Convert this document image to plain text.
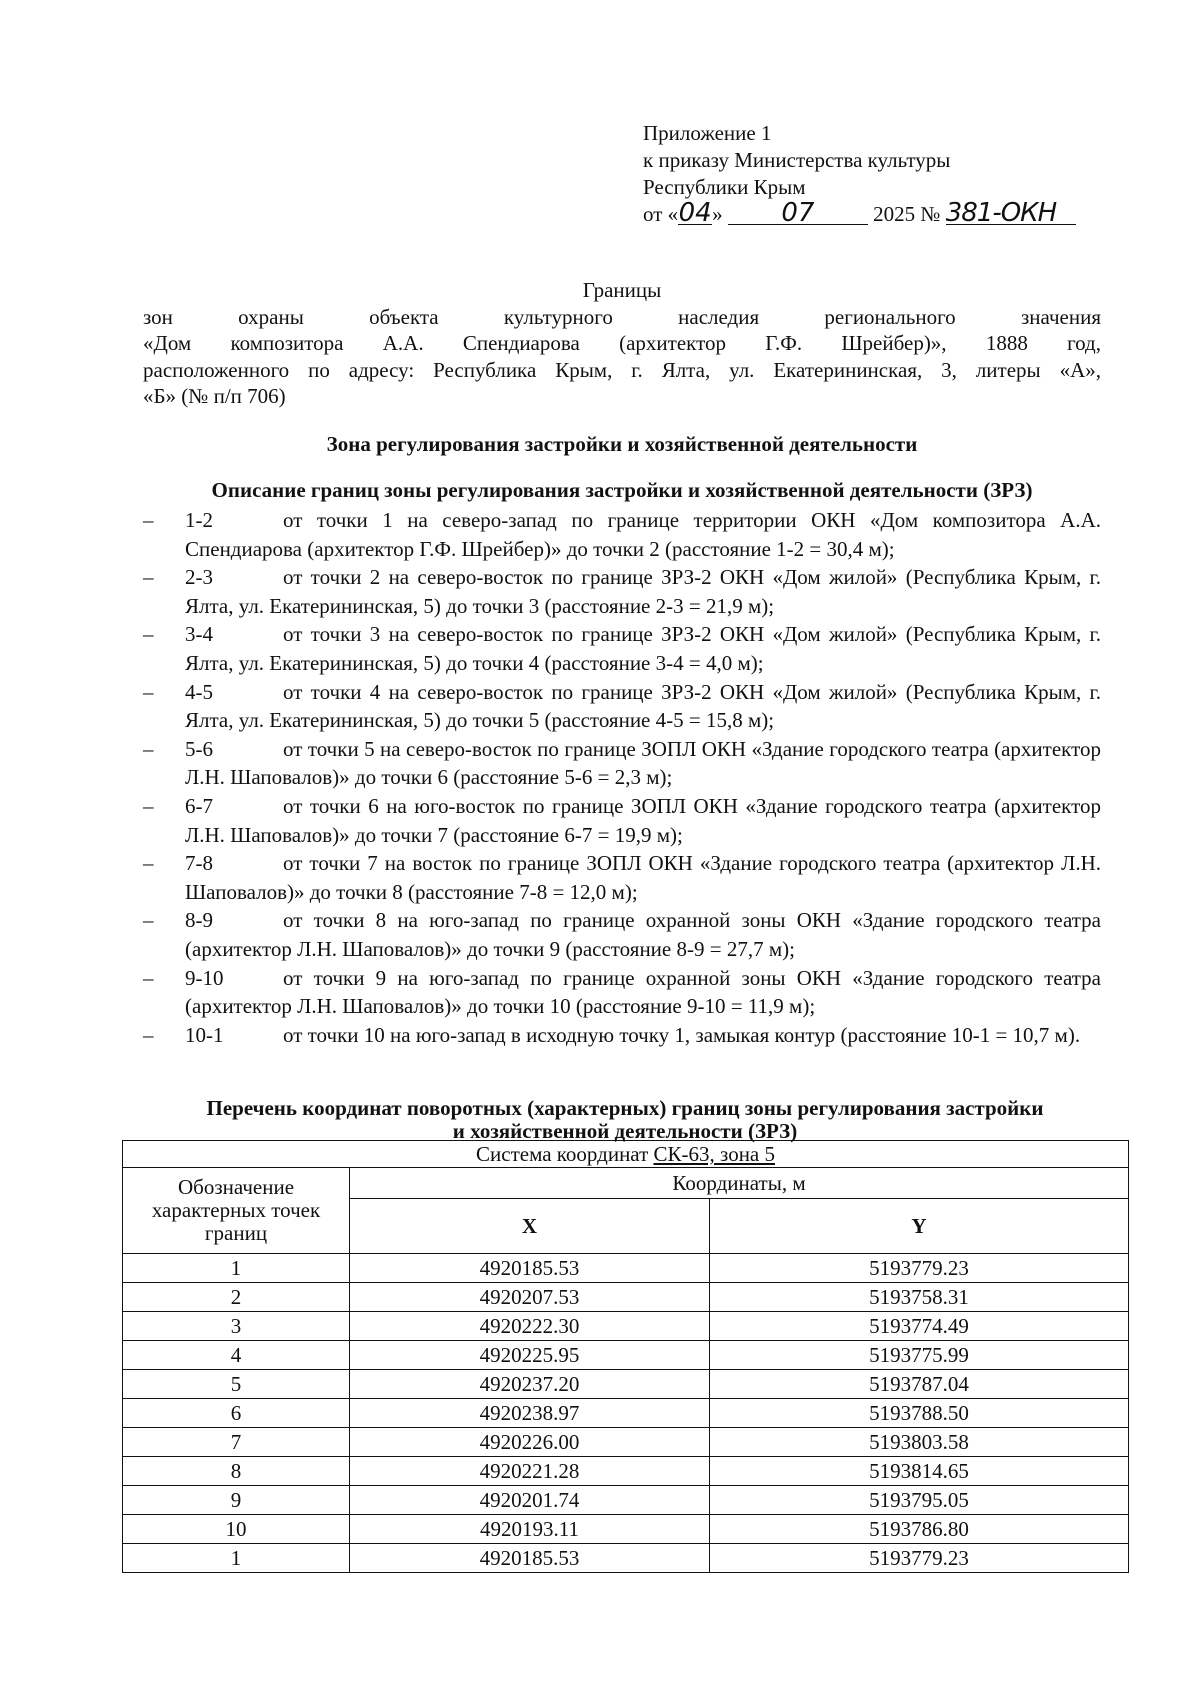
Приложение 1
к приказу Министерства культуры
Республики Крым
от «04» 07	2025 № 381-ОКН
Границы
зон охраны объекта культурного наследия регионального значения
«Дом композитора А.А. Спендиарова (архитектор Г.Ф. Шрейбер)», 1888 год,
расположенного по адресу: Республика Крым, г. Ялта, ул. Екатерининская, 3, литеры «А»,
«Б» (№ п/п 706)
Зона регулирования застройки и хозяйственной деятельности
Описание границ зоны регулирования застройки и хозяйственной деятельности (ЗРЗ)
– 1-2	от точки 1 на северо-запад по границе территории ОКН «Дом композитора А.А. Спендиарова (архитектор Г.Ф. Шрейбер)» до точки 2 (расстояние 1-2 = 30,4 м);
– 2-3	от точки 2 на северо-восток по границе ЗРЗ-2 ОКН «Дом жилой» (Республика Крым, г. Ялта, ул. Екатерининская, 5) до точки 3 (расстояние 2-3 = 21,9 м);
– 3-4	от точки 3 на северо-восток по границе ЗРЗ-2 ОКН «Дом жилой» (Республика Крым, г. Ялта, ул. Екатерининская, 5) до точки 4 (расстояние 3-4 = 4,0 м);
– 4-5	от точки 4 на северо-восток по границе ЗРЗ-2 ОКН «Дом жилой» (Республика Крым, г. Ялта, ул. Екатерининская, 5) до точки 5 (расстояние 4-5 = 15,8 м);
– 5-6	от точки 5 на северо-восток по границе ЗОПЛ ОКН «Здание городского театра (архитектор Л.Н. Шаповалов)» до точки 6 (расстояние 5-6 = 2,3 м);
– 6-7	от точки 6 на юго-восток по границе ЗОПЛ ОКН «Здание городского театра (архитектор Л.Н. Шаповалов)» до точки 7 (расстояние 6-7 = 19,9 м);
– 7-8	от точки 7 на восток по границе ЗОПЛ ОКН «Здание городского театра (архитектор Л.Н. Шаповалов)» до точки 8 (расстояние 7-8 = 12,0 м);
– 8-9	от точки 8 на юго-запад по границе охранной зоны ОКН «Здание городского театра (архитектор Л.Н. Шаповалов)» до точки 9 (расстояние 8-9 = 27,7 м);
– 9-10	от точки 9 на юго-запад по границе охранной зоны ОКН «Здание городского театра (архитектор Л.Н. Шаповалов)» до точки 10 (расстояние 9-10 = 11,9 м);
– 10-1	от точки 10 на юго-запад в исходную точку 1, замыкая контур (расстояние 10-1 = 10,7 м).
Перечень координат поворотных (характерных) границ зоны регулирования застройки
и хозяйственной деятельности (ЗРЗ)
Система координат СК-63, зона 5		
Обозначение характерных точек границ	Координаты, м	
	X	Y
1	4920185.53	5193779.23
2	4920207.53	5193758.31
3	4920222.30	5193774.49
4	4920225.95	5193775.99
5	4920237.20	5193787.04
6	4920238.97	5193788.50
7	4920226.00	5193803.58
8	4920221.28	5193814.65
9	4920201.74	5193795.05
10	4920193.11	5193786.80
1	4920185.53	5193779.23
